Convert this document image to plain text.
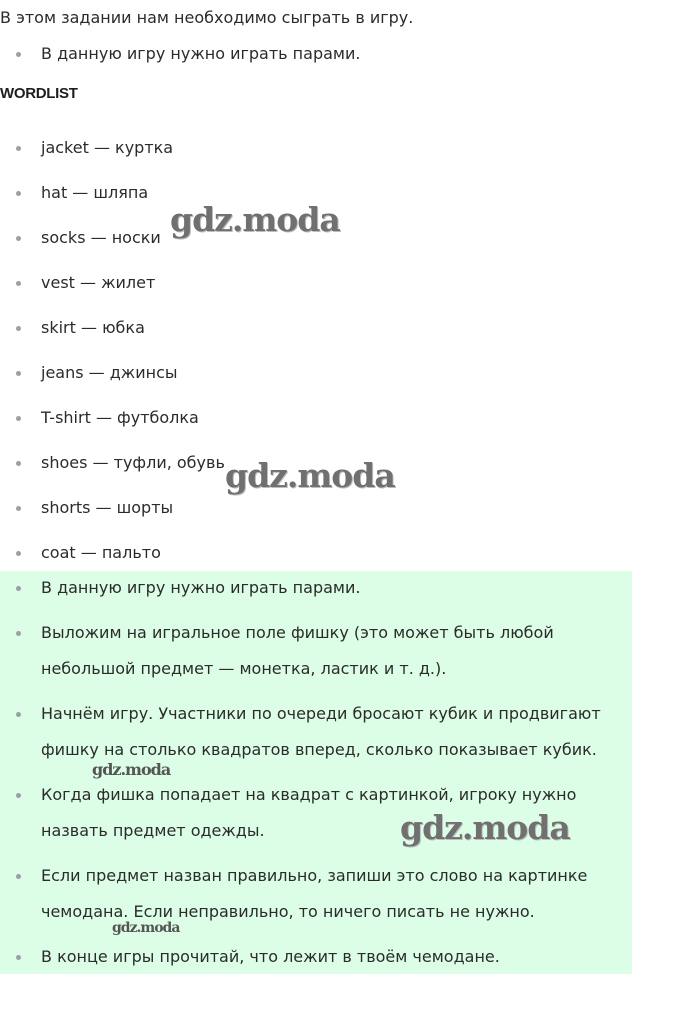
В этом задании нам необходимо сыграть в игру.
В данную игру нужно играть парами.
WORDLIST
jacket — куртка
hat — шляпа
socks — носки
vest — жилет
skirt — юбка
jeans — джинсы
T-shirt — футболка
shoes — туфли, обувь
shorts — шорты
coat — пальто
В данную игру нужно играть парами.
Выложим на игральное поле фишку (это может быть любой
небольшой предмет — монетка, ластик и т. д.).
Начнём игру. Участники по очереди бросают кубик и продвигают
фишку на столько квадратов вперед, сколько показывает кубик.
Когда фишка попадает на квадрат с картинкой, игроку нужно
назвать предмет одежды.
Если предмет назван правильно, запиши это слово на картинке
чемодана. Если неправильно, то ничего писать не нужно.
В конце игры прочитай, что лежит в твоём чемодане.
gdz.moda
gdz.moda
gdz.moda
gdz.moda
gdz.moda
